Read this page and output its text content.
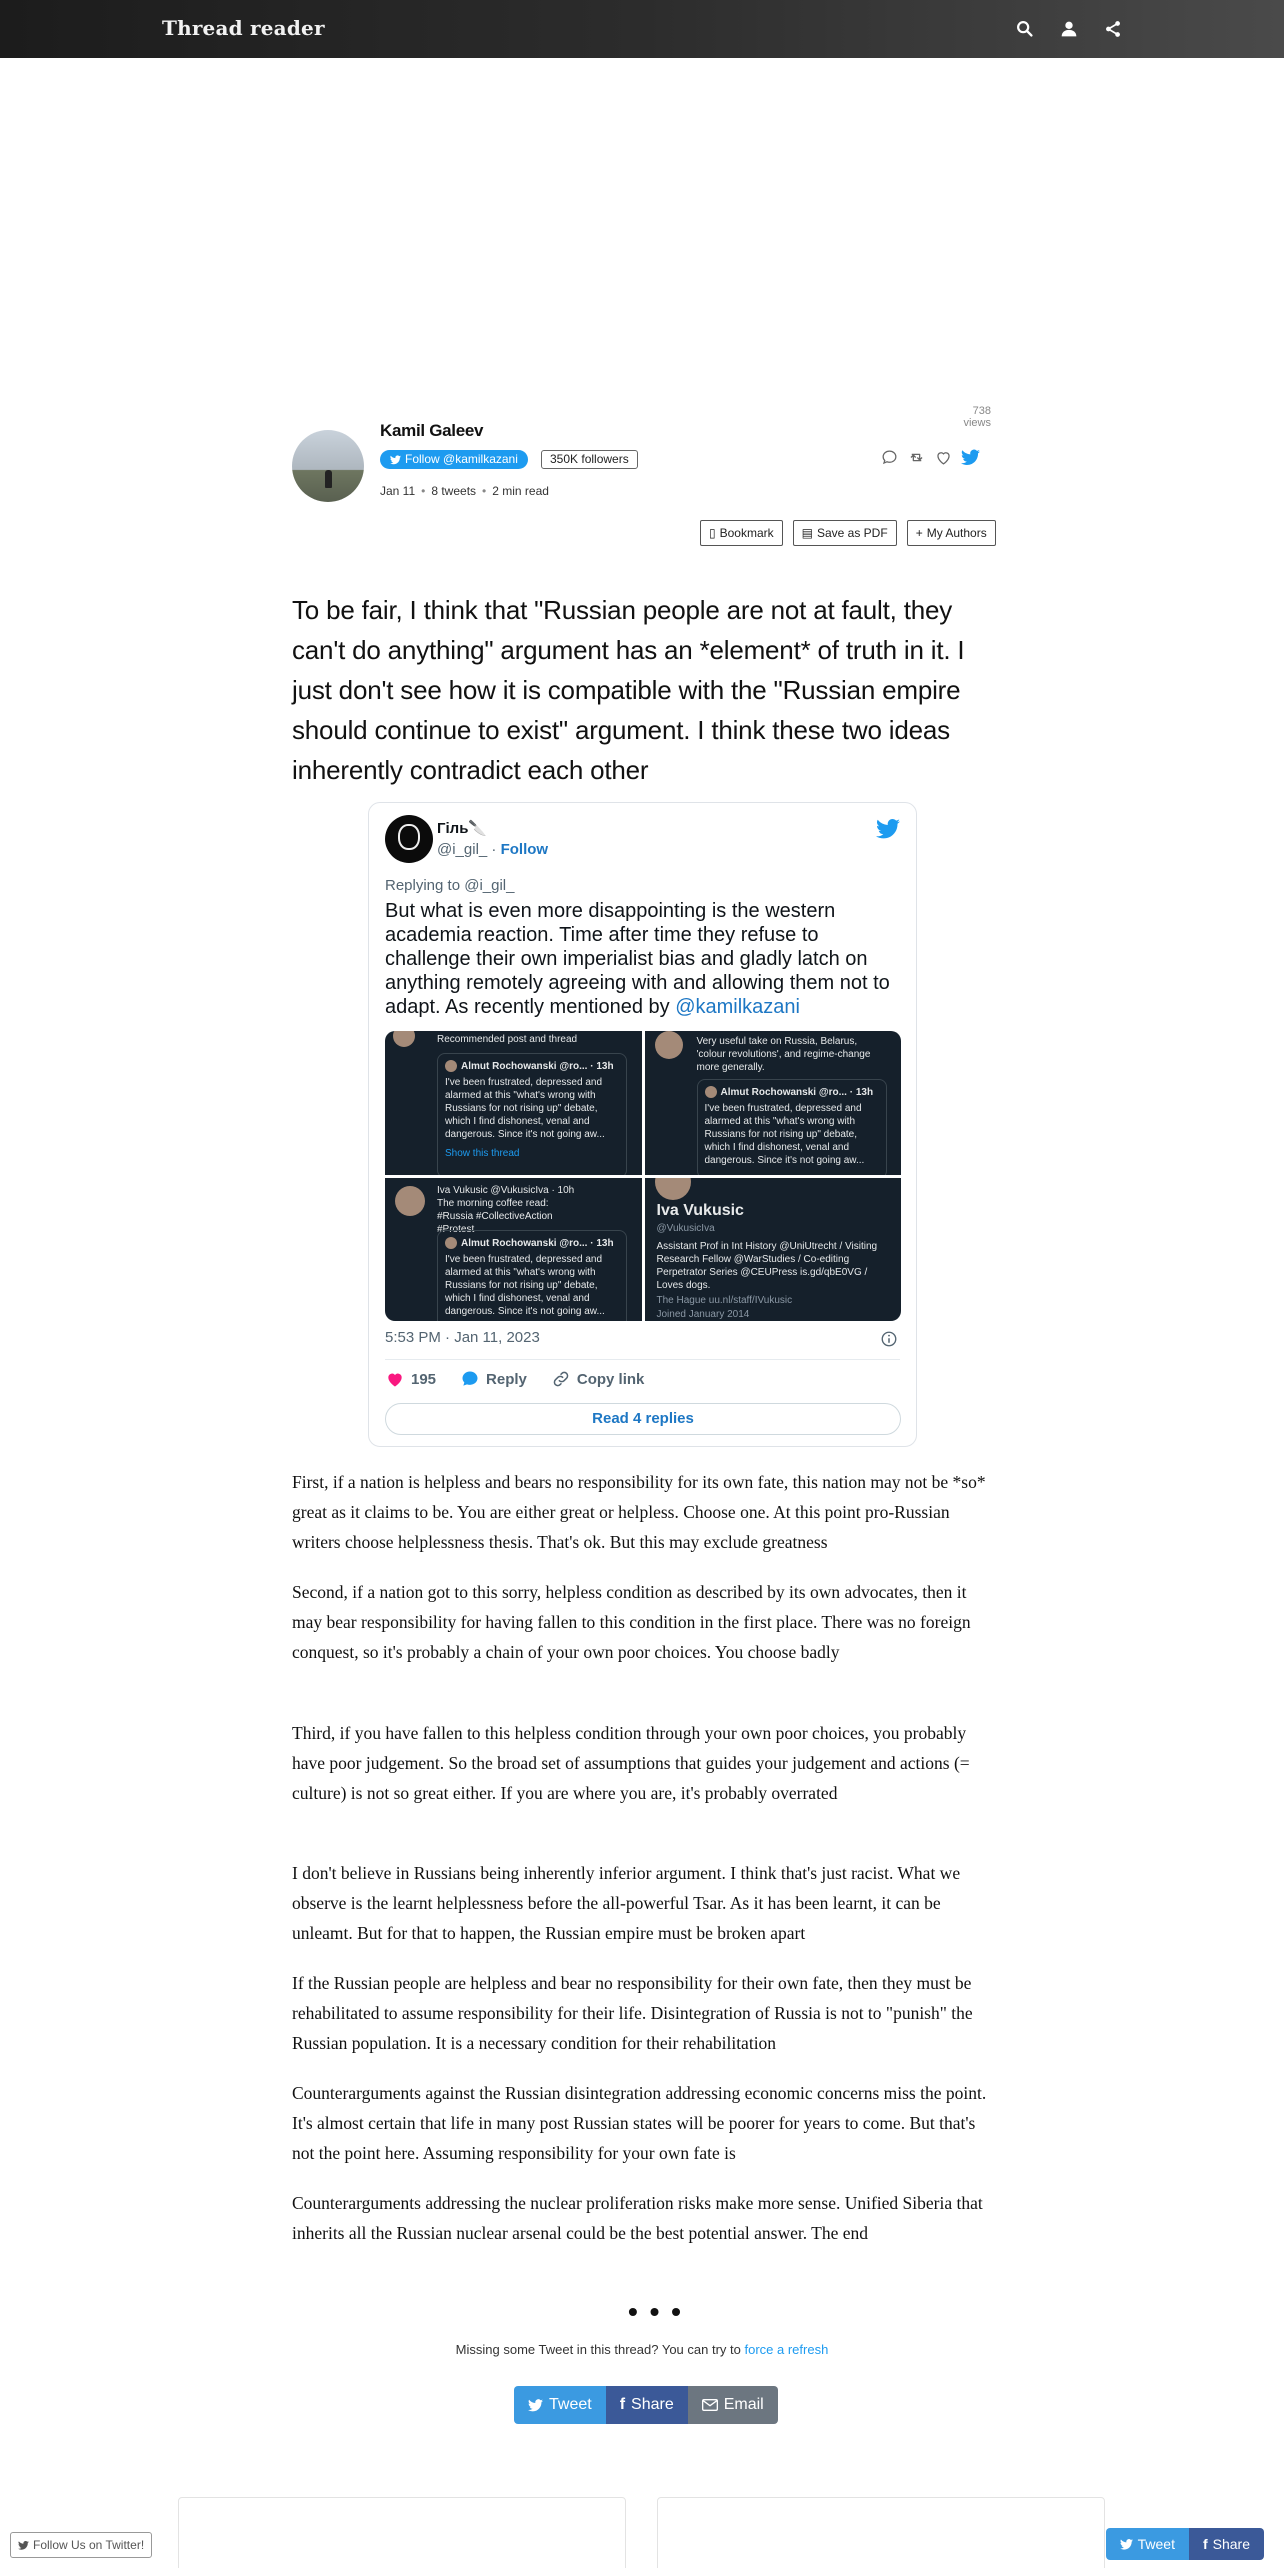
Thread reader
738 views
Kamil Galeev
Follow @kamilkazani	350K followers
Jan 11 • 8 tweets • 2 min read
▯ Bookmark ▤ Save as PDF + My Authors
To be fair, I think that "Russian people are not at fault, they can't do anything" argument has an *element* of truth in it. I just don't see how it is compatible with the "Russian empire should continue to exist" argument. I think these two ideas inherently contradict each other
Гiль🔪
@i_gil_ · Follow
Replying to @i_gil_
But what is even more disappointing is the western academia reaction. Time after time they refuse to challenge their own imperialist bias and gladly latch on anything remotely agreeing with and allowing them not to adapt. As recently mentioned by @kamilkazani
Recommended post and thread
Almut Rochowanski @ro... · 13h
I've been frustrated, depressed and alarmed at this "what's wrong with Russians for not rising up" debate, which I find dishonest, venal and dangerous. Since it's not going aw...
Show this thread
Very useful take on Russia, Belarus, 'colour revolutions', and regime-change more generally.
Almut Rochowanski @ro... · 13h
I've been frustrated, depressed and alarmed at this "what's wrong with Russians for not rising up" debate, which I find dishonest, venal and dangerous. Since it's not going aw...
Iva Vukusic @VukusicIva · 10h
The morning coffee read: #Russia #CollectiveAction #Protest
Almut Rochowanski @ro... · 13h
I've been frustrated, depressed and alarmed at this "what's wrong with Russians for not rising up" debate, which I find dishonest, venal and dangerous. Since it's not going aw...
Iva Vukusic
@VukusicIva
Assistant Prof in Int History @UniUtrecht / Visiting Research Fellow @WarStudies / Co-editing Perpetrator Series @CEUPress is.gd/qbE0VG / Loves dogs.
The Hague uu.nl/staff/IVukusic
Joined January 2014
5:53 PM · Jan 11, 2023
195	Reply	Copy link
Read 4 replies
First, if a nation is helpless and bears no responsibility for its own fate, this nation may not be *so* great as it claims to be. You are either great or helpless. Choose one. At this point pro-Russian writers choose helplessness thesis. That's ok. But this may exclude greatness
Second, if a nation got to this sorry, helpless condition as described by its own advocates, then it may bear responsibility for having fallen to this condition in the first place. There was no foreign conquest, so it's probably a chain of your own poor choices. You choose badly
Third, if you have fallen to this helpless condition through your own poor choices, you probably have poor judgement. So the broad set of assumptions that guides your judgement and actions (= culture) is not so great either. If you are where you are, it's probably overrated
I don't believe in Russians being inherently inferior argument. I think that's just racist. What we observe is the learnt helplessness before the all-powerful Tsar. As it has been learnt, it can be unleamt. But for that to happen, the Russian empire must be broken apart
If the Russian people are helpless and bear no responsibility for their own fate, then they must be rehabilitated to assume responsibility for their life. Disintegration of Russia is not to "punish" the Russian population. It is a necessary condition for their rehabilitation
Counterarguments against the Russian disintegration addressing economic concerns miss the point. It's almost certain that life in many post Russian states will be poorer for years to come. But that's not the point here. Assuming responsibility for your own fate is
Counterarguments addressing the nuclear proliferation risks make more sense. Unified Siberia that inherits all the Russian nuclear arsenal could be the best potential answer. The end
• • •
Missing some Tweet in this thread? You can try to force a refresh
Tweet f Share	Email
Follow Us on Twitter!	Tweet f Share
